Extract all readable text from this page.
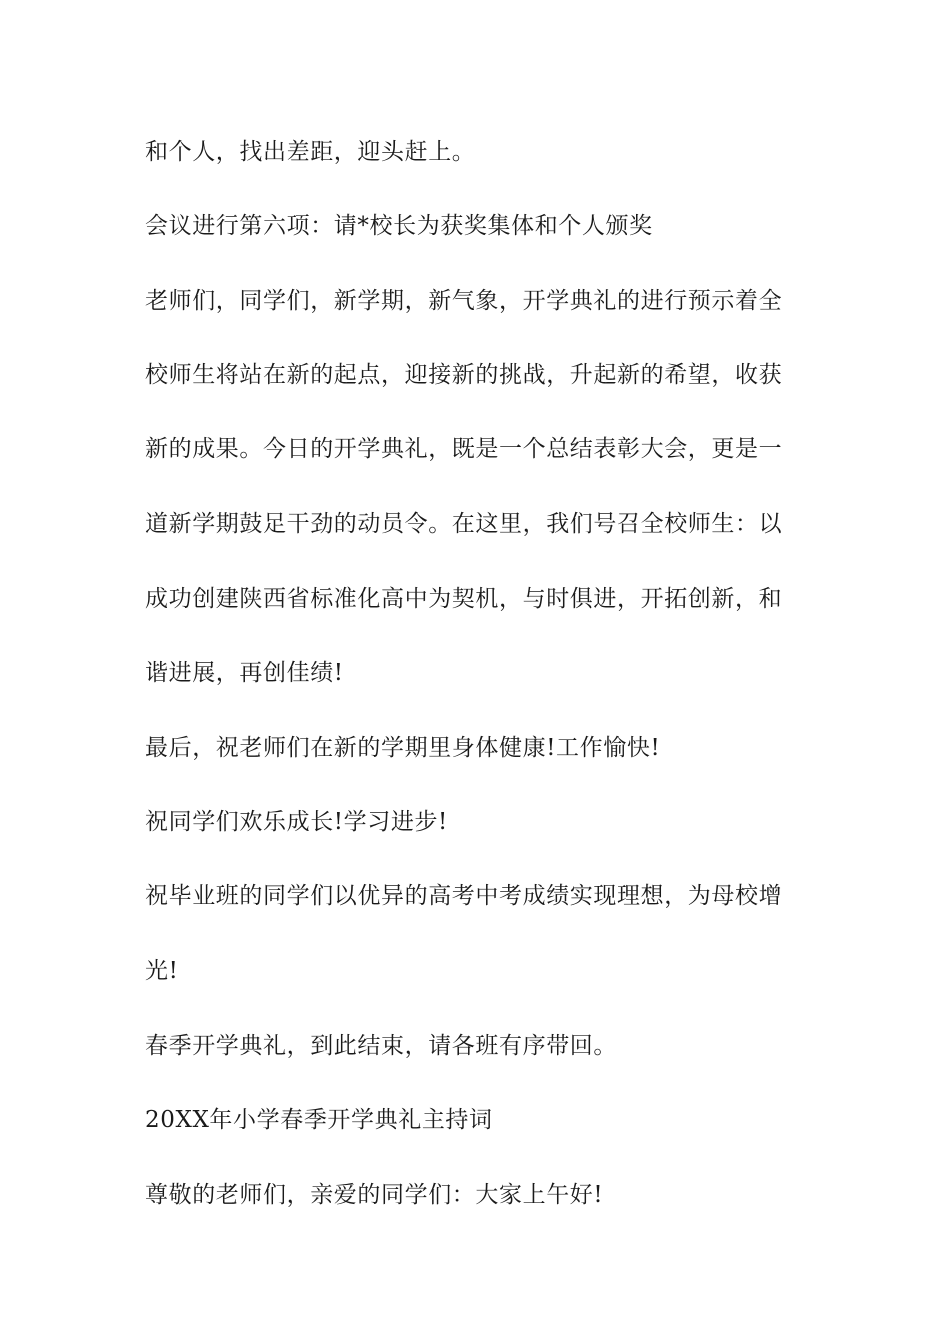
和个人，找出差距，迎头赶上。
会议进行第六项：请*校长为获奖集体和个人颁奖
老师们，同学们，新学期，新气象，开学典礼的进行预示着全
校师生将站在新的起点，迎接新的挑战，升起新的希望，收获
新的成果。今日的开学典礼，既是一个总结表彰大会，更是一
道新学期鼓足干劲的动员令。在这里，我们号召全校师生：以
成功创建陕西省标准化高中为契机，与时俱进，开拓创新，和
谐进展，再创佳绩!
最后，祝老师们在新的学期里身体健康!工作愉快!
祝同学们欢乐成长!学习进步!
祝毕业班的同学们以优异的高考中考成绩实现理想，为母校增
光!
春季开学典礼，到此结束，请各班有序带回。
20XX年小学春季开学典礼主持词
尊敬的老师们，亲爱的同学们：大家上午好!
